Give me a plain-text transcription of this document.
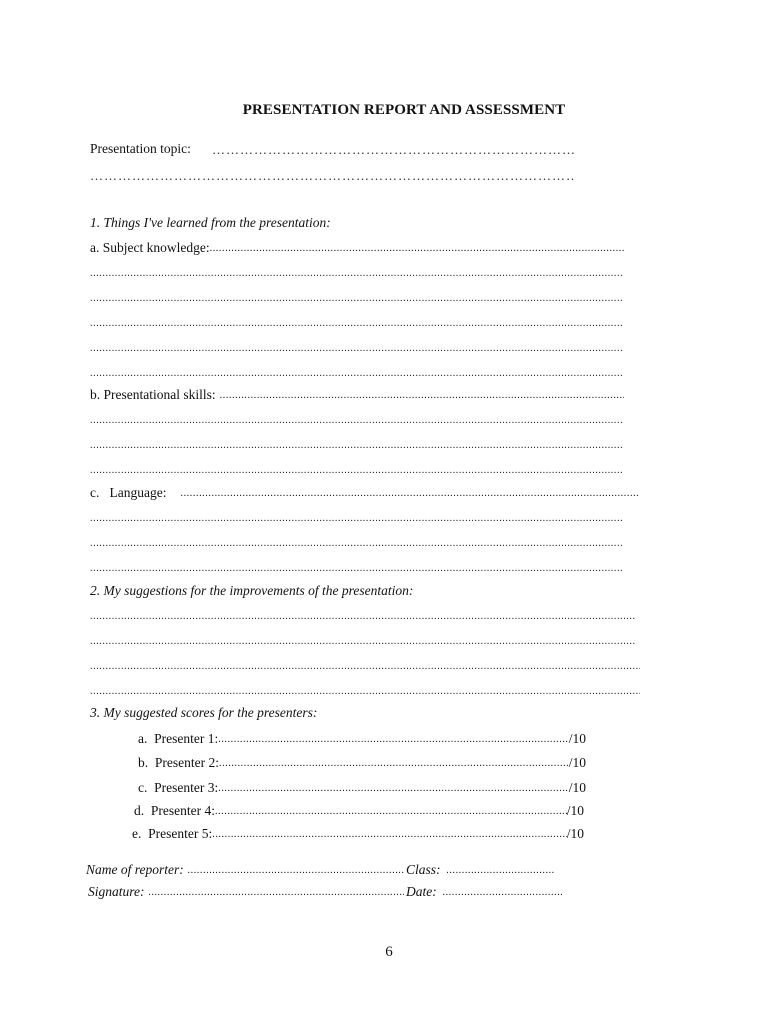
PRESENTATION REPORT AND ASSESSMENT
Presentation topic:
……………………………………………………………………………………………………………………………………………………………………………………
……………………………………………………………………………………………………………………………………………………………………………………
1. Things I've learned from the presentation:
a. Subject knowledge:
.....
.....
.....
.....
.....
.....
b. Presentational skills:
.....
.....
.....
.....
c.   Language:
.....
.....
.....
.....
2. My suggestions for the improvements of the presentation:
.....
.....
.....
.....
3. My suggested scores for the presenters:
a.  Presenter 1: .....	/10
b.  Presenter 2: .....	/10
c.  Presenter 3: .....	/10
d.  Presenter 4: .....	/10
e.  Presenter 5: .....	/10
Name of reporter: .....	Class:
.....
Signature: .....	Date:
.....
6
